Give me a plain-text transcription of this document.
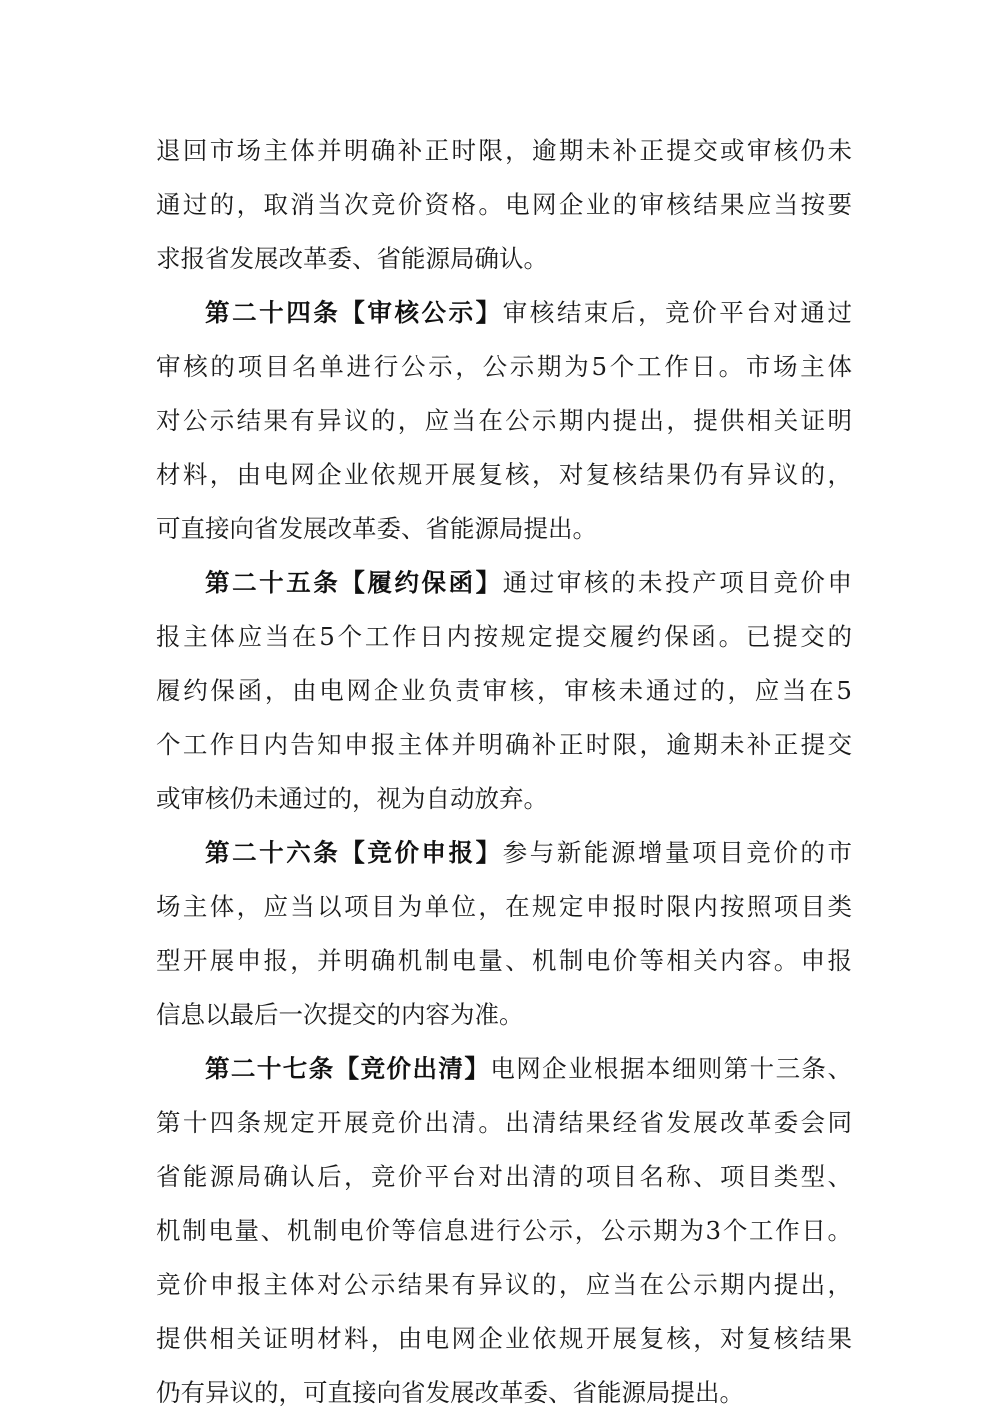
退回市场主体并明确补正时限，逾期未补正提交或审核仍未
通过的，取消当次竞价资格。电网企业的审核结果应当按要
求报省发展改革委、省能源局确认。
第二十四条【审核公示】审核结束后，竞价平台对通过
审核的项目名单进行公示，公示期为5个工作日。市场主体
对公示结果有异议的，应当在公示期内提出，提供相关证明
材料，由电网企业依规开展复核，对复核结果仍有异议的，
可直接向省发展改革委、省能源局提出。
第二十五条【履约保函】通过审核的未投产项目竞价申
报主体应当在5个工作日内按规定提交履约保函。已提交的
履约保函，由电网企业负责审核，审核未通过的，应当在5
个工作日内告知申报主体并明确补正时限，逾期未补正提交
或审核仍未通过的，视为自动放弃。
第二十六条【竞价申报】参与新能源增量项目竞价的市
场主体，应当以项目为单位，在规定申报时限内按照项目类
型开展申报，并明确机制电量、机制电价等相关内容。申报
信息以最后一次提交的内容为准。
第二十七条【竞价出清】电网企业根据本细则第十三条、
第十四条规定开展竞价出清。出清结果经省发展改革委会同
省能源局确认后，竞价平台对出清的项目名称、项目类型、
机制电量、机制电价等信息进行公示，公示期为3个工作日。
竞价申报主体对公示结果有异议的，应当在公示期内提出，
提供相关证明材料，由电网企业依规开展复核，对复核结果
仍有异议的，可直接向省发展改革委、省能源局提出。
